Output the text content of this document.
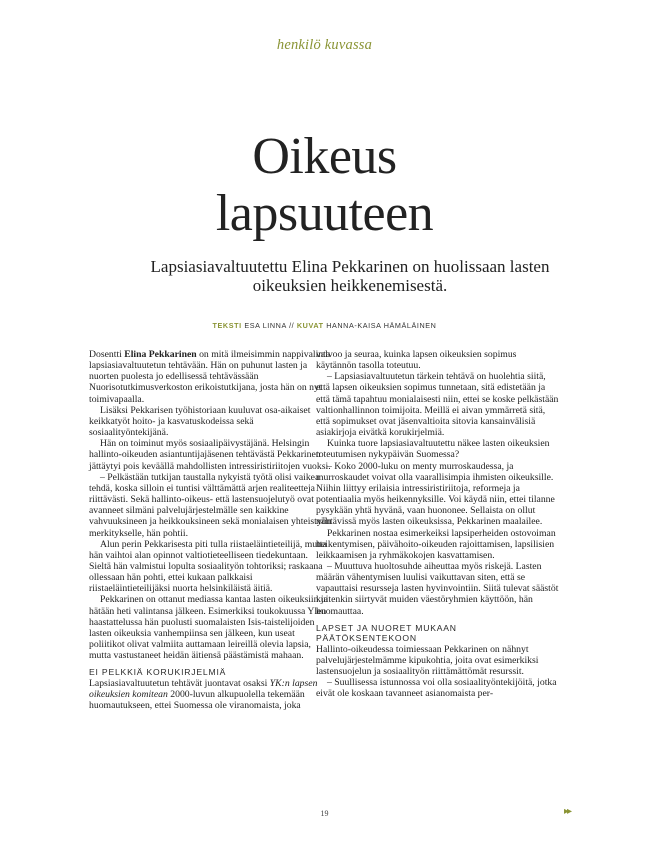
henkilö kuvassa
Oikeus
lapsuuteen
Lapsiasiavaltuutettu Elina Pekkarinen on huolissaan lasten oikeuksien heikkenemisestä.
TEKSTI ESA LINNA // KUVAT HANNA-KAISA HÄMÄLÄINEN

Dosentti Elina Pekkarinen on mitä ilmeisimmin nappivalinta lapsiasiavaltuutetun tehtävään. Hän on puhunut lasten ja nuorten puolesta jo edellisessä tehtävässään Nuorisotutkimusverkoston erikoistutkijana, josta hän on nyt toimivapaalla.

Lisäksi Pekkarisen työhistoriaan kuuluvat osa-aikaiset keikkatyöt hoito- ja kasvatuskodeissa sekä sosiaalityöntekijänä.

Hän on toiminut myös sosiaalipäivystäjänä. Helsingin hallinto-oikeuden asiantuntijajäsenen tehtävästä Pekkarinen jättäytyi pois keväällä mahdollisten intressiristiriitojen vuoksi.

– Pelkästään tutkijan taustalla nykyistä työtä olisi vaikea tehdä, koska silloin ei tuntisi välttämättä arjen realiteetteja riittävästi. Sekä hallinto-oikeus- että lastensuojelutyö ovat avanneet silmäni palvelujärjestelmälle sen kaikkine vahvuuksineen ja heikkouksineen sekä monialaisen yhteistyön merkitykselle, hän pohtii.

Alun perin Pekkarisesta piti tulla riistaeläintieteilijä, mutta hän vaihtoi alan opinnot valtiotieteelliseen tiedekuntaan. Sieltä hän valmistui lopulta sosiaalityön tohtoriksi; raskaana ollessaan hän pohti, ettei kukaan palkkaisi riistaeläintieteilijäksi nuorta helsinkiläistä äitiä.

Pekkarinen on ottanut mediassa kantaa lasten oikeuksiin ja hätään heti valintansa jälkeen. Esimerkiksi toukokuussa Ylen haastattelussa hän puolusti suomalaisten Isis-taistelijoiden lasten oikeuksia vanhempiinsa sen jälkeen, kun useat poliitikot olivat valmiita auttamaan leireillä olevia lapsia, mutta vastustaneet heidän äitiensä päästämistä mahaan.

EI PELKKIÄ KORUKIRJELMIÄ

Lapsiasiavaltuutetun tehtävät juontavat osaksi YK:n lapsen oikeuksien komitean 2000-luvun alkupuolella tekemään huomautukseen, ettei Suomessa ole viranomaista, joka

valvoo ja seuraa, kuinka lapsen oikeuksien sopimus käytännön tasolla toteutuu.

– Lapsiasiavaltuutetun tärkein tehtävä on huolehtia siitä, että lapsen oikeuksien sopimus tunnetaan, sitä edistetään ja että tämä tapahtuu monialaisesti niin, ettei se koske pelkästään valtionhallinnon toimijoita. Meillä ei aivan ymmärretä sitä, että sopimukset ovat jäsenvaltioita sitovia kansainvälisiä asiakirjoja eivätkä korukirjelmiä.

Kuinka tuore lapsiasiavaltuutettu näkee lasten oikeuksien toteutumisen nykypäivän Suomessa?

– Koko 2000-luku on menty murroskaudessa, ja murroskaudet voivat olla vaarallisimpia ihmisten oikeuksille. Niihin liittyy erilaisia intressiristiriitoja, reformeja ja potentiaalia myös heikennyksille. Voi käydä niin, ettei tilanne pysykään yhtä hyvänä, vaan huononee. Sellaista on ollut nähtävissä myös lasten oikeuksissa, Pekkarinen maalailee.

Pekkarinen nostaa esimerkeiksi lapsiperheiden ostovoiman heikentymisen, päivähoito-oikeuden rajoittamisen, lapsilisien leikkaamisen ja ryhmäkokojen kasvattamisen.

– Muuttuva huoltosuhde aiheuttaa myös riskejä. Lasten määrän vähentymisen luulisi vaikuttavan siten, että se vapauttaisi resursseja lasten hyvinvointiin. Siitä tulevat säästöt kuitenkin siirtyvät muiden väestöryhmien käyttöön, hän huomauttaa.

LAPSET JA NUORET MUKAAN PÄÄTÖKSENTEKOON

Hallinto-oikeudessa toimiessaan Pekkarinen on nähnyt palvelujärjestelmämme kipukohtia, joita ovat esimerkiksi lastensuojelun ja sosiaalityön riittämättömät resurssit.

– Suullisessa istunnossa voi olla sosiaalityöntekijöitä, jotka eivät ole koskaan tavanneet asianomaista per-

19	▸▸
